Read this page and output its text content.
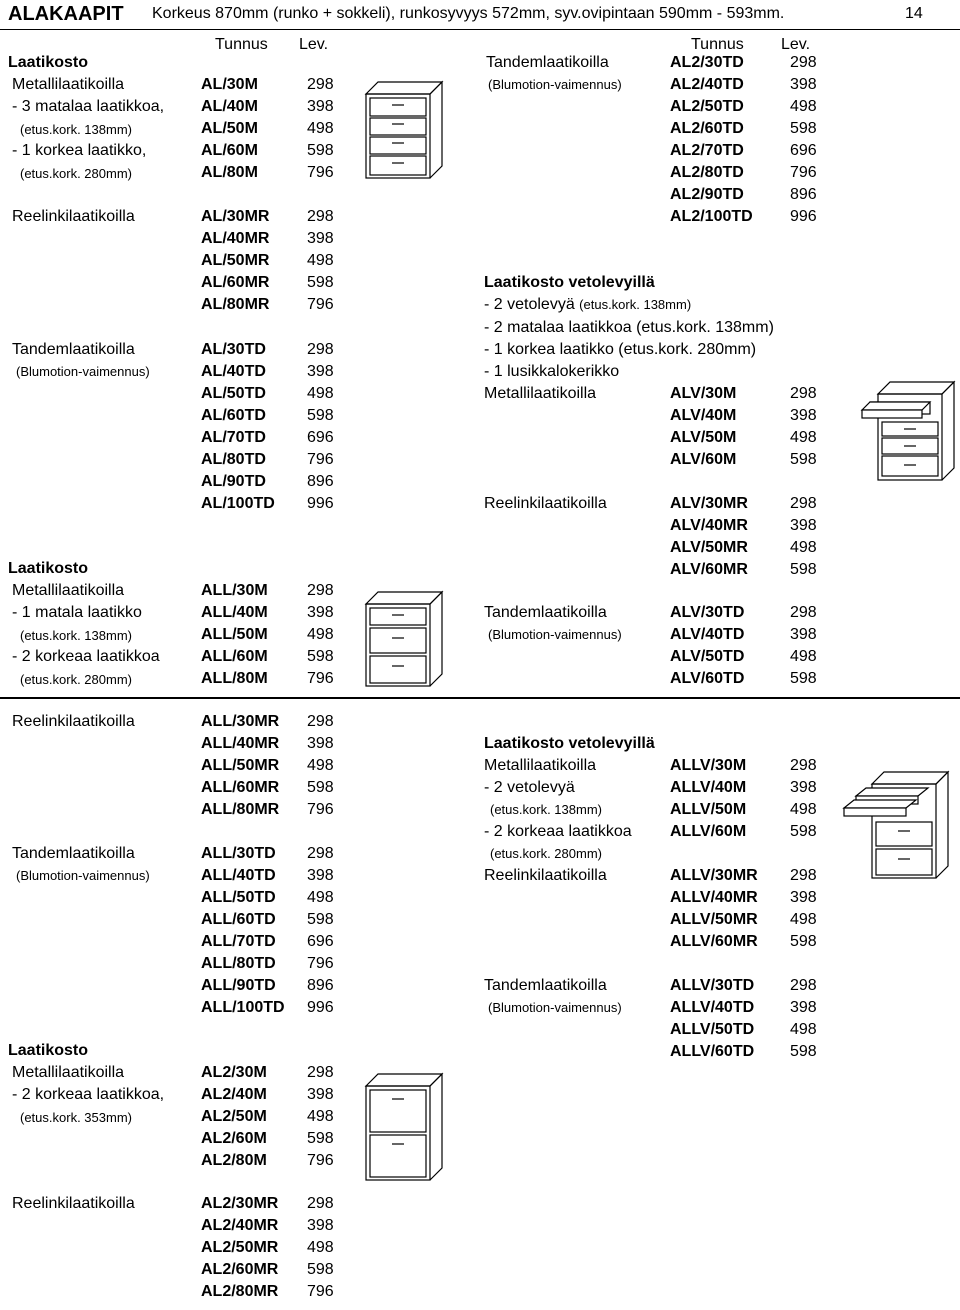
ALAKAAPIT Korkeus 870mm (runko + sokkeli), runkosyvyys 572mm, syv.ovipintaan 590mm - 593mm.	14
Tunnus Lev.	Tunnus Lev.
Laatikosto
Metallilaatikoilla
- 3 matalaa laatikkoa,
(etus.kork. 138mm)
- 1 korkea laatikko,
(etus.kork. 280mm)
AL/30M	298
AL/40M	398
AL/50M	498
AL/60M	598
AL/80M	796
Reelinkilaatikoilla	AL/30MR 298
AL/40MR 398
AL/50MR 498
AL/60MR 598
AL/80MR 796
Tandemlaatikoilla
(Blumotion-vaimennus)
AL/30TD	298
AL/40TD	398
AL/50TD	498
AL/60TD	598
AL/70TD	696
AL/80TD	796
AL/90TD	896
AL/100TD 996
Laatikosto
Metallilaatikoilla
- 1 matala laatikko
(etus.kork. 138mm)
- 2 korkeaa laatikkoa
(etus.kork. 280mm)
ALL/30M 298
ALL/40M 398
ALL/50M 498
ALL/60M 598
ALL/80M 796
Reelinkilaatikoilla	ALL/30MR 298
ALL/40MR 398
ALL/50MR 498
ALL/60MR 598
ALL/80MR 796
Tandemlaatikoilla
(Blumotion-vaimennus)
ALL/30TD 298
ALL/40TD 398
ALL/50TD 498
ALL/60TD 598
ALL/70TD 696
ALL/80TD 796
ALL/90TD 896
ALL/100TD 996
Laatikosto
Metallilaatikoilla
- 2 korkeaa laatikkoa,
(etus.kork. 353mm)
AL2/30M	298
AL2/40M	398
AL2/50M	498
AL2/60M	598
AL2/80M	796
Reelinkilaatikoilla	AL2/30MR 298
AL2/40MR 398
AL2/50MR 498
AL2/60MR 598
AL2/80MR 796
Tandemlaatikoilla
(Blumotion-vaimennus)
AL2/30TD	298
AL2/40TD	398
AL2/50TD	498
AL2/60TD	598
AL2/70TD	696
AL2/80TD	796
AL2/90TD	896
AL2/100TD 996
Laatikosto vetolevyillä
- 2 vetolevyä (etus.kork. 138mm)
- 2 matalaa laatikkoa (etus.kork. 138mm)
- 1 korkea laatikko (etus.kork. 280mm)
- 1 lusikkalokerikko
Metallilaatikoilla	ALV/30M	298
ALV/40M	398
ALV/50M	498
ALV/60M	598
Reelinkilaatikoilla	ALV/30MR	298
ALV/40MR	398
ALV/50MR	498
ALV/60MR	598
Tandemlaatikoilla
(Blumotion-vaimennus)
ALV/30TD	298
ALV/40TD	398
ALV/50TD	498
ALV/60TD	598
Laatikosto vetolevyillä
Metallilaatikoilla
- 2 vetolevyä
(etus.kork. 138mm)
- 2 korkeaa laatikkoa
(etus.kork. 280mm)
ALLV/30M	298
ALLV/40M	398
ALLV/50M	498
ALLV/60M	598
Reelinkilaatikoilla	ALLV/30MR 298
ALLV/40MR 398
ALLV/50MR 498
ALLV/60MR 598
Tandemlaatikoilla
(Blumotion-vaimennus)
ALLV/30TD 298
ALLV/40TD 398
ALLV/50TD 498
ALLV/60TD 598
